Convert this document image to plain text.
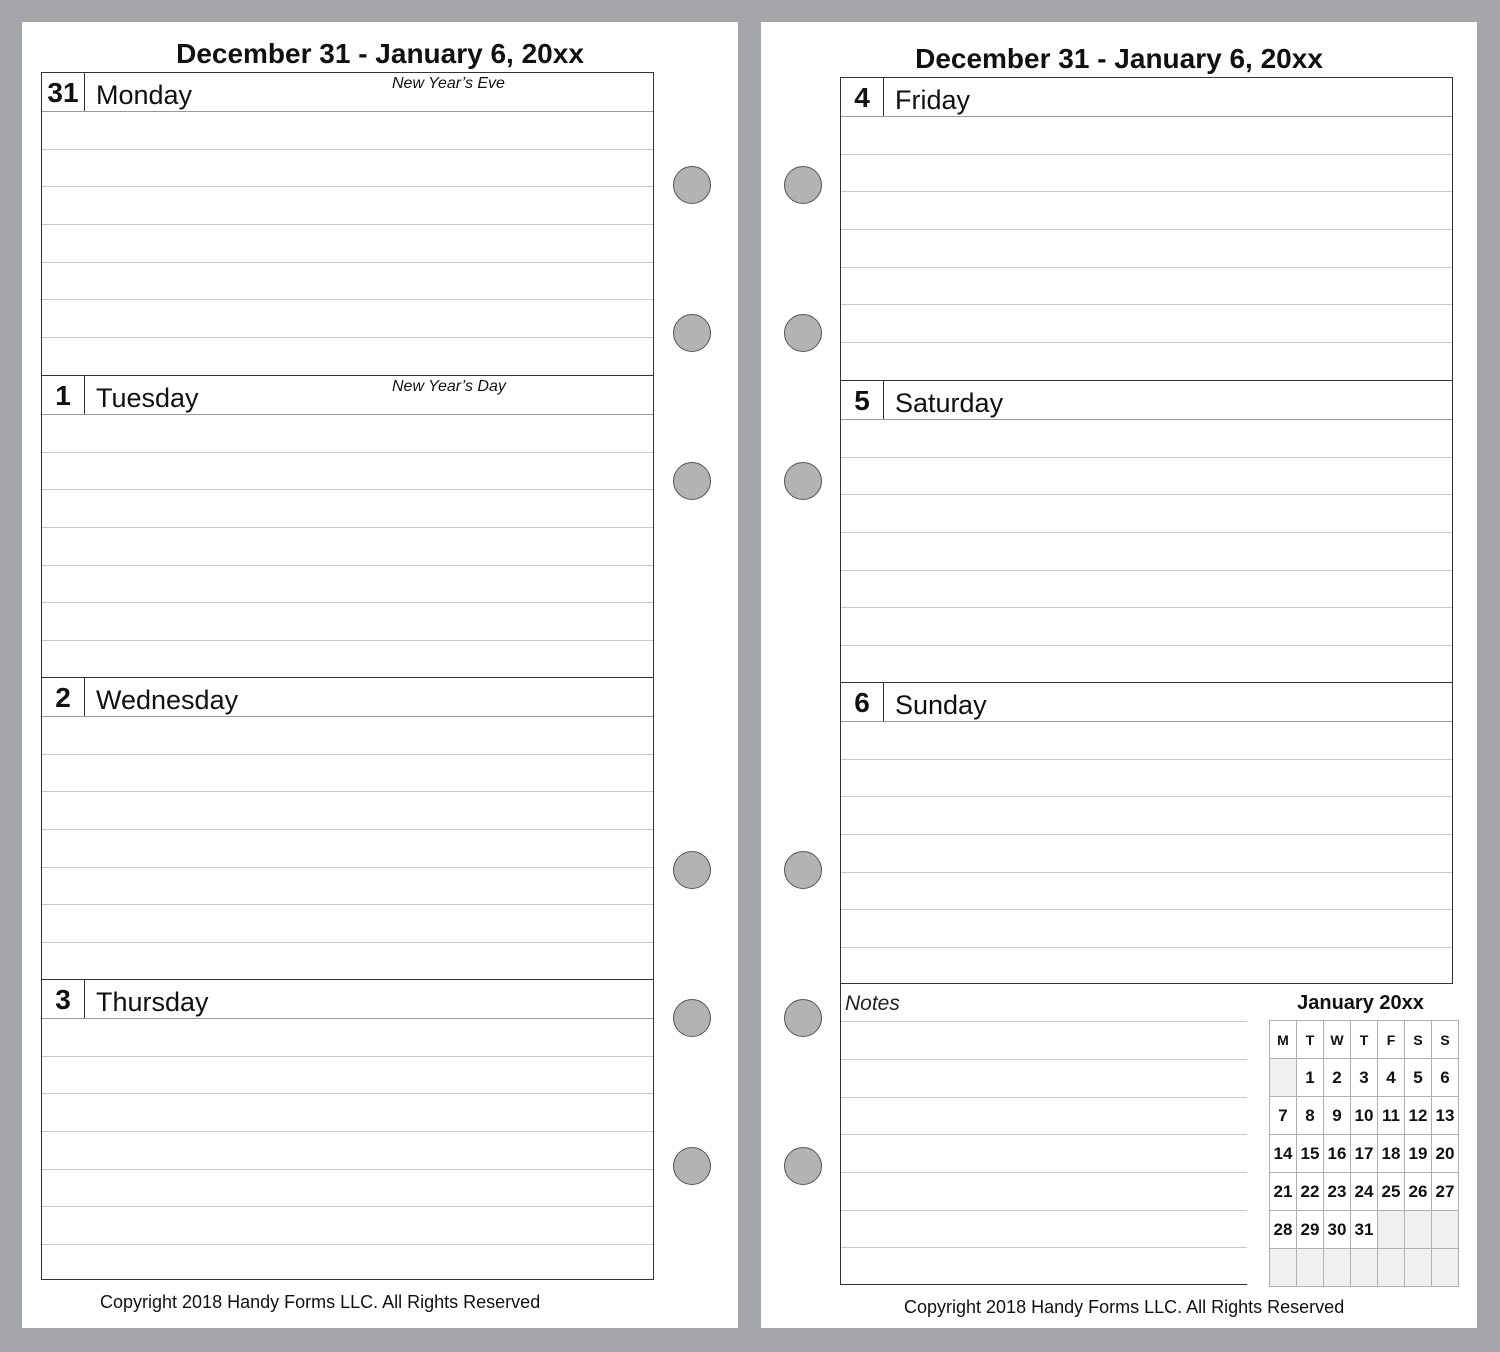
December 31 - January 6, 20xx
31 Monday	New Year’s Eve
1 Tuesday	New Year’s Day
2 Wednesday
3 Thursday

Copyright 2018 Handy Forms LLC. All Rights Reserved

December 31 - January 6, 20xx
4 Friday
5 Saturday
6 Sunday
Notes	January 20xx
M	T	W	T	F	S	S
	1	2	3	4	5	6
7	8	9	10	11	12	13
14	15	16	17	18	19	20
21	22	23	24	25	26	27
28	29	30	31			

Copyright 2018 Handy Forms LLC. All Rights Reserved
